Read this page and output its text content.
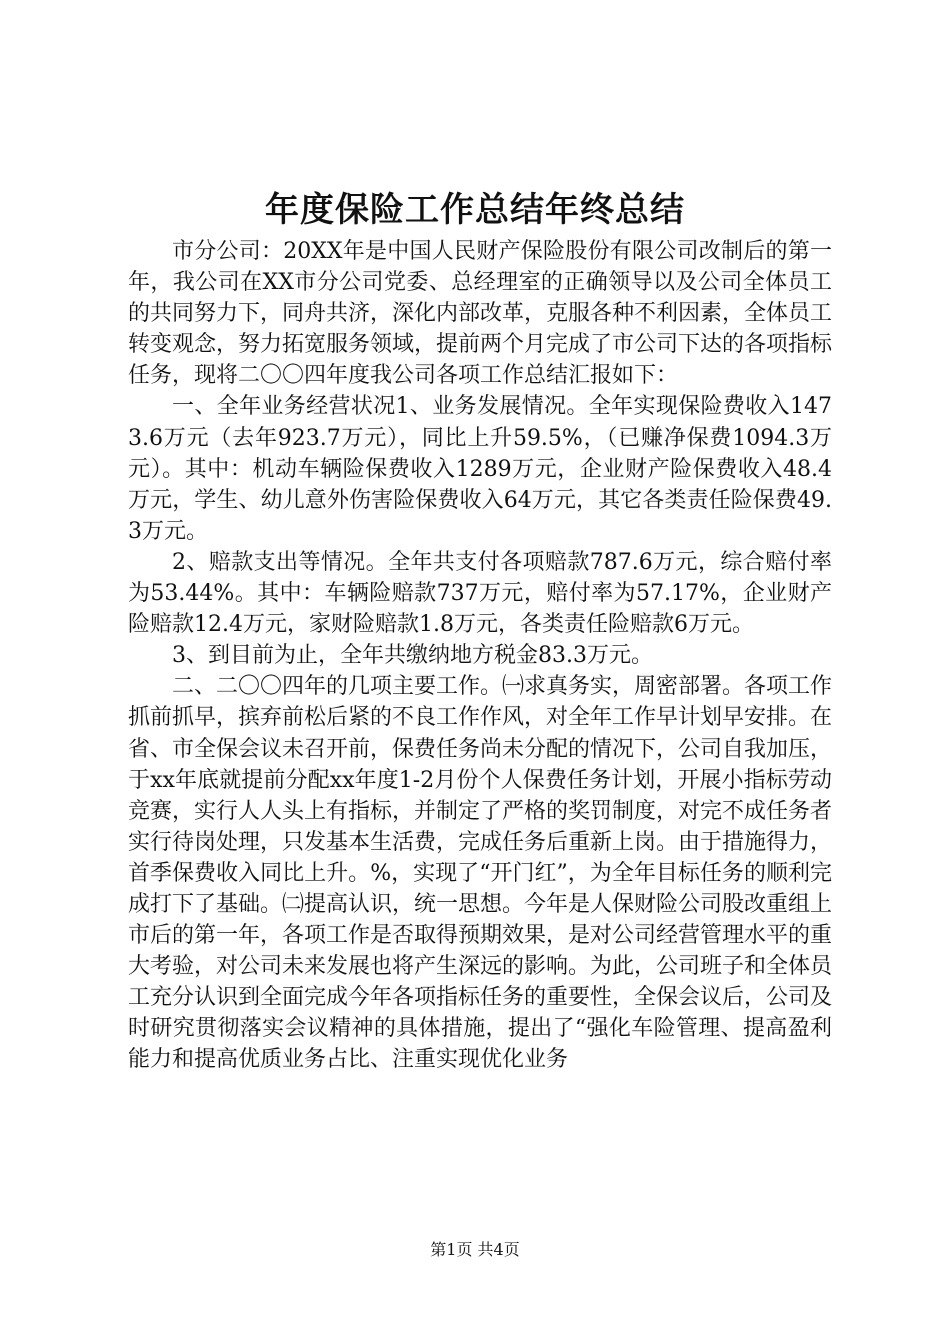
年度保险工作总结年终总结

市分公司：20XX年是中国人民财产保险股份有限公司改制后的第一年，我公司在XX市分公司党委、总经理室的正确领导以及公司全体员工的共同努力下，同舟共济，深化内部改革，克服各种不利因素，全体员工转变观念，努力拓宽服务领域，提前两个月完成了市公司下达的各项指标任务，现将二〇〇四年度我公司各项工作总结汇报如下：

一、全年业务经营状况1、业务发展情况。全年实现保险费收入1473.6万元（去年923.7万元），同比上升59.5%，（已赚净保费1094.3万元）。其中：机动车辆险保费收入1289万元，企业财产险保费收入48.4万元，学生、幼儿意外伤害险保费收入64万元，其它各类责任险保费49.3万元。

2、赔款支出等情况。全年共支付各项赔款787.6万元，综合赔付率为53.44%。其中：车辆险赔款737万元，赔付率为57.17%，企业财产险赔款12.4万元，家财险赔款1.8万元，各类责任险赔款6万元。

3、到目前为止，全年共缴纳地方税金83.3万元。

二、二〇〇四年的几项主要工作。㈠求真务实，周密部署。各项工作抓前抓早，摈弃前松后紧的不良工作作风，对全年工作早计划早安排。在省、市全保会议未召开前，保费任务尚未分配的情况下，公司自我加压，于xx年底就提前分配xx年度1-2月份个人保费任务计划，开展小指标劳动竞赛，实行人人头上有指标，并制定了严格的奖罚制度，对完不成任务者实行待岗处理，只发基本生活费，完成任务后重新上岗。由于措施得力，首季保费收入同比上升。%，实现了“开门红”，为全年目标任务的顺利完成打下了基础。㈡提高认识，统一思想。今年是人保财险公司股改重组上市后的第一年，各项工作是否取得预期效果，是对公司经营管理水平的重大考验，对公司未来发展也将产生深远的影响。为此，公司班子和全体员工充分认识到全面完成今年各项指标任务的重要性，全保会议后，公司及时研究贯彻落实会议精神的具体措施，提出了“强化车险管理、提高盈利能力和提高优质业务占比、注重实现优化业务

第1页 共4页
